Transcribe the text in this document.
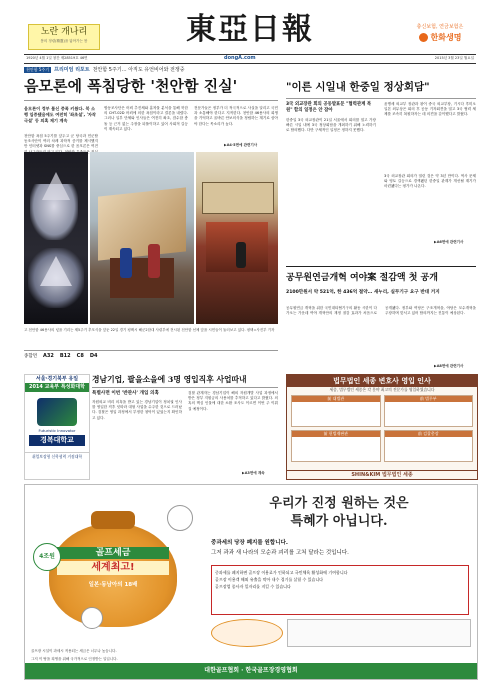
노란 개나리
봄의 정령(精靈)을 닮아가는 봄	東亞日報	충신보험, 연금보험은
한화생명
1920년 4월 1일 창간 제28519호 46면	dongA.com	2015년 3월 23일 월요일
천안함 5주기	프리미엄 리포트 천안함 5주기… 아직도 유언비어와 전쟁중
음모론에 폭침당한 '천안함 진실'
음모론이 정부 불신 증폭 키웠다. 북 소행 입증됐음에도 여전히 '좌초설', '자작극설' 등 의혹 제기 계속
천안함 폭침 5주기를 앞두고 군 당국과 민군합동조사단이 여러 차례 과학적 증거를 제시했지만 인터넷과 SNS를 중심으로 한 음모론은 여전
합동조사단은 어뢰 추진체와 흡착물 분석을 통해 북한의 CHT-02D 어뢰에 의한 폭침이라고 결론을 내렸다. 그러나 일부 단체와 인사들은 여전히 좌초, 잠수함 충돌 등 근거 없는 주장을 되풀이하고 있어 사회적 갈등이 계속되고 있다.
전문가들은 정부가 더 적극적으로 사실을 알리고 국민과 소통해야 한다고 지적한다. 천안함 46용사의 희생을 기억하고 올바른 안보의식을 정립하는 계기로 삼아야 한다는 목소리가 높다.
▶A4·5면에 관련기사
고 천안함 46용사의 넋을 기리는 제5주기 추모식을 앞둔 22일 경기 평택시 해군2함대 사령부에 전시된 천안함 선체 앞을 시민들이 둘러보고 있다. 평택=사진부 기자
종합면 A32 B12 C8 D4
"이른 시일내 한중일 정상회담"
3국 외교장관 회의 공동발표문 "협력관계 복원" 합의 일정은 안 잡아
한중일 3국 외교장관이 21일 서울에서 회의를 열고 가장 빠른 시일 내에 3국 정상회담을 개최하기 위해 노력하기로 합의했다. 다만 구체적인 일정은 정하지 못했다.
윤병세 외교부 장관과 왕이 중국 외교부장, 기시다 후미오 일본 외무상은 회의 후 공동 기자회견을 열고 3국 협력 체제를 조속히 복원하자는 데 의견을 같이했다고 밝혔다.
3국 외교장관 회의가 열린 것은 약 3년 만이다. 역사 문제와 영토 갈등으로 경색됐던 한중일 관계가 개선될 계기가 마련됐다는 평가가 나온다.
▶A6면에 관련기사
공무원연금개혁 여야案 절감액 첫 공개
2100만원서 약 521억, 한 436억 절약… 새누리, 실무기구 요구 반대 거지
공무원연금 개혁을 위한 국민대타협기구의 활동 시한이 다가오는 가운데 여야 개혁안의 재정 절감 효과가 처음으로 공개됐다. 정부와 여당은 구조개혁을, 야당은 모수개혁을 주장하며 맞서고 있어 합의까지는 진통이 예상된다.
▶A8면에 관련기사
서울·경기북부 유일
2014 교육부 특성화대학
Futuristic Innovator
경복대학교
취업보장형 신학협력 거점대학
경남기업, 팔을소을에 3명 영입직후 사업따내
특별사면 이번 '반관사' 개입 의혹
자원외교 비리 의혹을 받고 있는 경남기업이 정치권 인사를 영입한 직후 잇따라 대형 사업을 수주한 것으로 드러났다. 검찰은 영입 과정에서 부정한 청탁이 있었는지 확인하고 있다.
검찰 관계자는 경남기업이 해외 자원개발 사업 과정에서 받은 정부 지원금의 사용처를 추적하고 있다고 밝혔다. 의혹의 핵심 인물에 대한 소환 조사도 이르면 이번 주 이뤄질 예정이다.
▶A3면에 계속
법무법인 세종 변호사 영입 인사
세종, 법무법인 세종은 각 분야 최고의 전문가를 영입하였습니다
前 대법관	前 법무부
前 헌법재판관	前 검찰총장
SHIN&KIM 법무법인 세종
골프세금
세계최고!
일본·동남아의 18배
4조원
골프장 시설이 과세시 적용되는 세금은 너무나 높습니다.
그저 이 땅을 희생을 위해 국가적으로 인정받는 일입니다.
우리가 진정 원하는 것은
특혜가 아닙니다.
중과세의 당장 폐지를 원합니다.
그저 과과 새 나라의 모순과 괴리를 고쳐 달라는 것입니다.
중과세를 폐지하면 골프장 이용료가 인하되고 국민체육 활성화에 기여합니다
골프장 이용객 해외 유출을 막아 내수 경기를 살릴 수 있습니다
골프장업 종사자 일자리를 지킬 수 있습니다
대한골프협회 · 한국골프장경영협회
